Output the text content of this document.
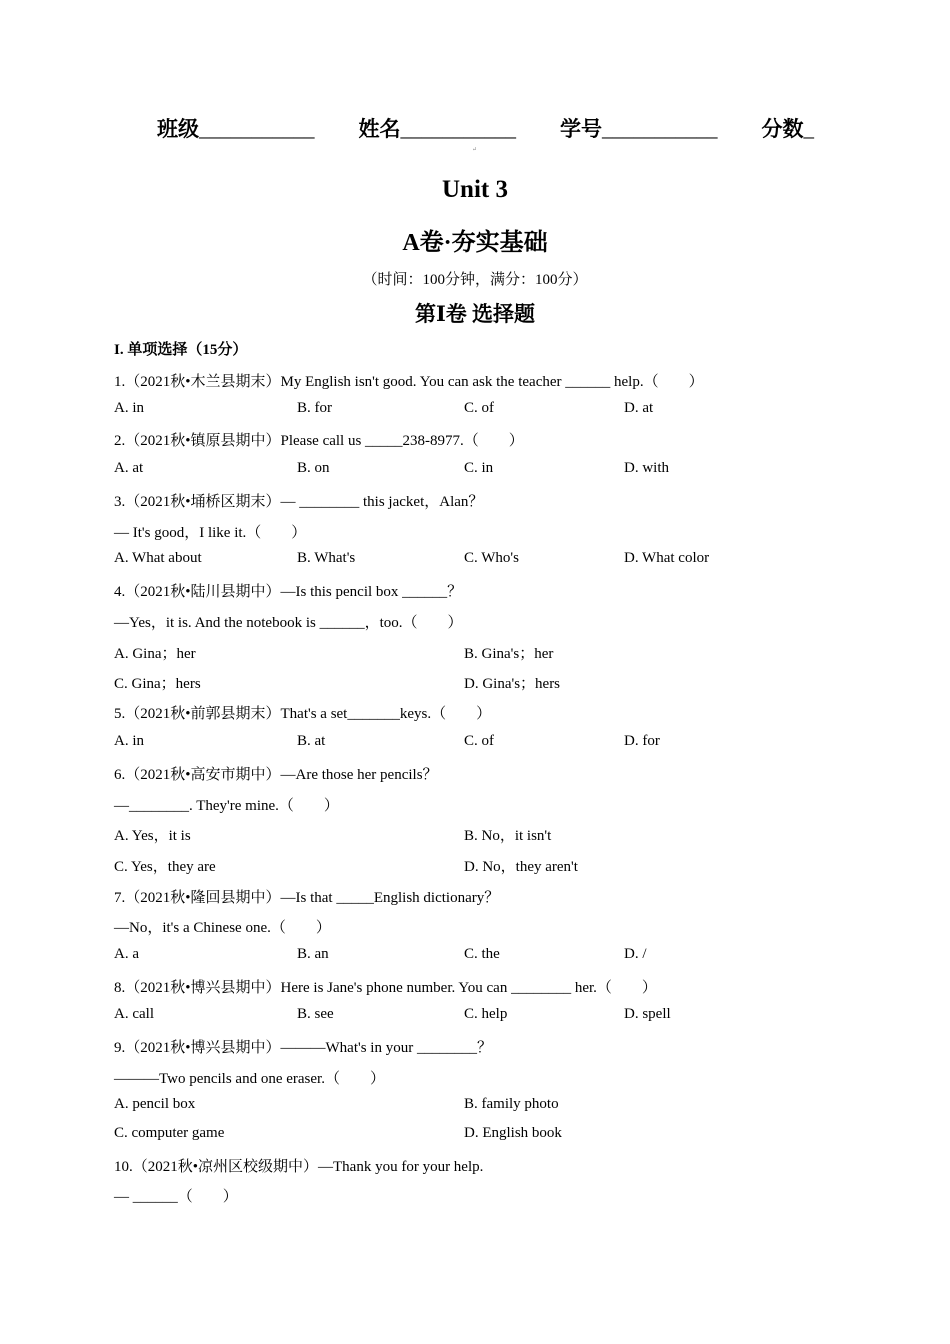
班级___________ 姓名___________ 学号___________ 分数_
↵
Unit 3
A卷·夯实基础
（时间：100分钟，满分：100分）
第Ⅰ卷 选择题
I. 单项选择（15分）
1.（2021秋•木兰县期末）My English isn't good. You can ask the teacher ______ help.（　　）
A. in	B. for	C. of	D. at
2.（2021秋•镇原县期中）Please call us _____238-8977.（　　）
A. at	B. on	C. in	D. with
3.（2021秋•埇桥区期末）— ________ this jacket，Alan？
— It's good，I like it.（　　）
A. What about	B. What's	C. Who's	D. What color
4.（2021秋•陆川县期中）—Is this pencil box ______？
—Yes，it is. And the notebook is ______，too.（　　）
A. Gina；her	B. Gina's；her
C. Gina；hers	D. Gina's；hers
5.（2021秋•前郭县期末）That's a set_______keys.（　　）
A. in	B. at	C. of	D. for
6.（2021秋•高安市期中）—Are those her pencils？
—________. They're mine.（　　）
A. Yes，it is	B. No，it isn't
C. Yes，they are	D. No，they aren't
7.（2021秋•隆回县期中）—Is that _____English dictionary？
—No，it's a Chinese one.（　　）
A. a	B. an	C. the	D. /
8.（2021秋•博兴县期中）Here is Jane's phone number. You can ________ her.（　　）
A. call	B. see	C. help	D. spell
9.（2021秋•博兴县期中）———What's in your ________？
———Two pencils and one eraser.（　　）
A. pencil box	B. family photo
C. computer game	D. English book
10.（2021秋•凉州区校级期中）—Thank you for your help.
— ______（　　）
